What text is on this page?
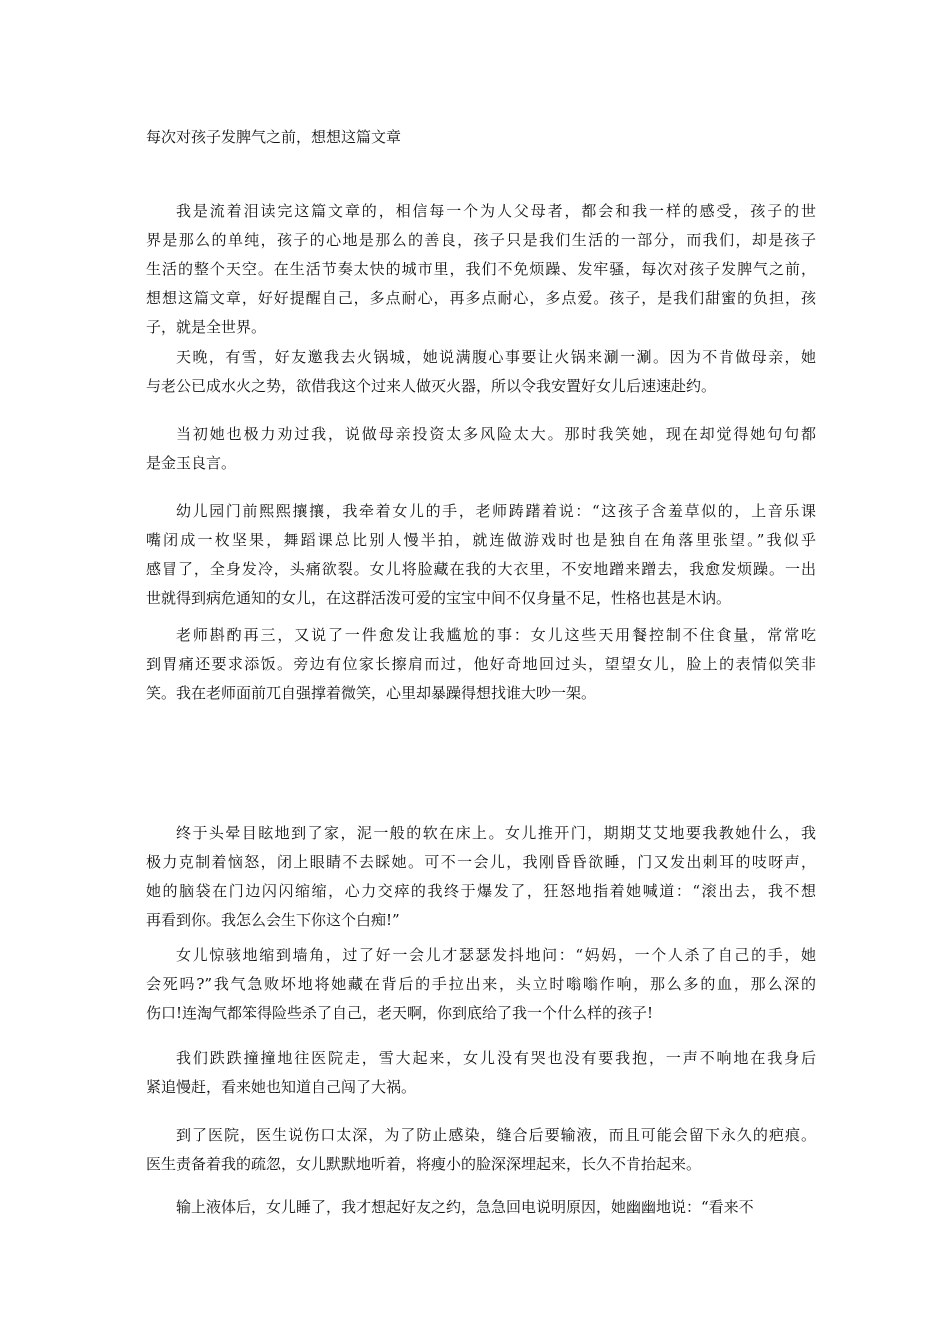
每次对孩子发脾气之前，想想这篇文章

我是流着泪读完这篇文章的，相信每一个为人父母者，都会和我一样的感受，孩子的世
界是那么的单纯，孩子的心地是那么的善良，孩子只是我们生活的一部分，而我们，却是孩子
生活的整个天空。在生活节奏太快的城市里，我们不免烦躁、发牢骚，每次对孩子发脾气之前，
想想这篇文章，好好提醒自己，多点耐心，再多点耐心，多点爱。孩子，是我们甜蜜的负担，孩
子，就是全世界。

天晚，有雪，好友邀我去火锅城，她说满腹心事要让火锅来涮一涮。因为不肯做母亲，她
与老公已成水火之势，欲借我这个过来人做灭火器，所以令我安置好女儿后速速赴约。

当初她也极力劝过我，说做母亲投资太多风险太大。那时我笑她，现在却觉得她句句都
是金玉良言。

幼儿园门前熙熙攘攘，我牵着女儿的手，老师踌躇着说：“这孩子含羞草似的，上音乐课
嘴闭成一枚坚果，舞蹈课总比别人慢半拍，就连做游戏时也是独自在角落里张望。”我似乎
感冒了，全身发冷，头痛欲裂。女儿将脸藏在我的大衣里，不安地蹭来蹭去，我愈发烦躁。一出
世就得到病危通知的女儿，在这群活泼可爱的宝宝中间不仅身量不足，性格也甚是木讷。

老师斟酌再三，又说了一件愈发让我尴尬的事：女儿这些天用餐控制不住食量，常常吃
到胃痛还要求添饭。旁边有位家长擦肩而过，他好奇地回过头，望望女儿，脸上的表情似笑非
笑。我在老师面前兀自强撑着微笑，心里却暴躁得想找谁大吵一架。

终于头晕目眩地到了家，泥一般的软在床上。女儿推开门，期期艾艾地要我教她什么，我
极力克制着恼怒，闭上眼睛不去睬她。可不一会儿，我刚昏昏欲睡，门又发出刺耳的吱呀声，
她的脑袋在门边闪闪缩缩，心力交瘁的我终于爆发了，狂怒地指着她喊道：“滚出去，我不想
再看到你。我怎么会生下你这个白痴!”

女儿惊骇地缩到墙角，过了好一会儿才瑟瑟发抖地问：“妈妈，一个人杀了自己的手，她
会死吗?”我气急败坏地将她藏在背后的手拉出来，头立时嗡嗡作响，那么多的血，那么深的
伤口!连淘气都笨得险些杀了自己，老天啊，你到底给了我一个什么样的孩子!

我们跌跌撞撞地往医院走，雪大起来，女儿没有哭也没有要我抱，一声不响地在我身后
紧追慢赶，看来她也知道自己闯了大祸。

到了医院，医生说伤口太深，为了防止感染，缝合后要输液，而且可能会留下永久的疤痕。
医生责备着我的疏忽，女儿默默地听着，将瘦小的脸深深埋起来，长久不肯抬起来。

输上液体后，女儿睡了，我才想起好友之约，急急回电说明原因，她幽幽地说：“看来不
